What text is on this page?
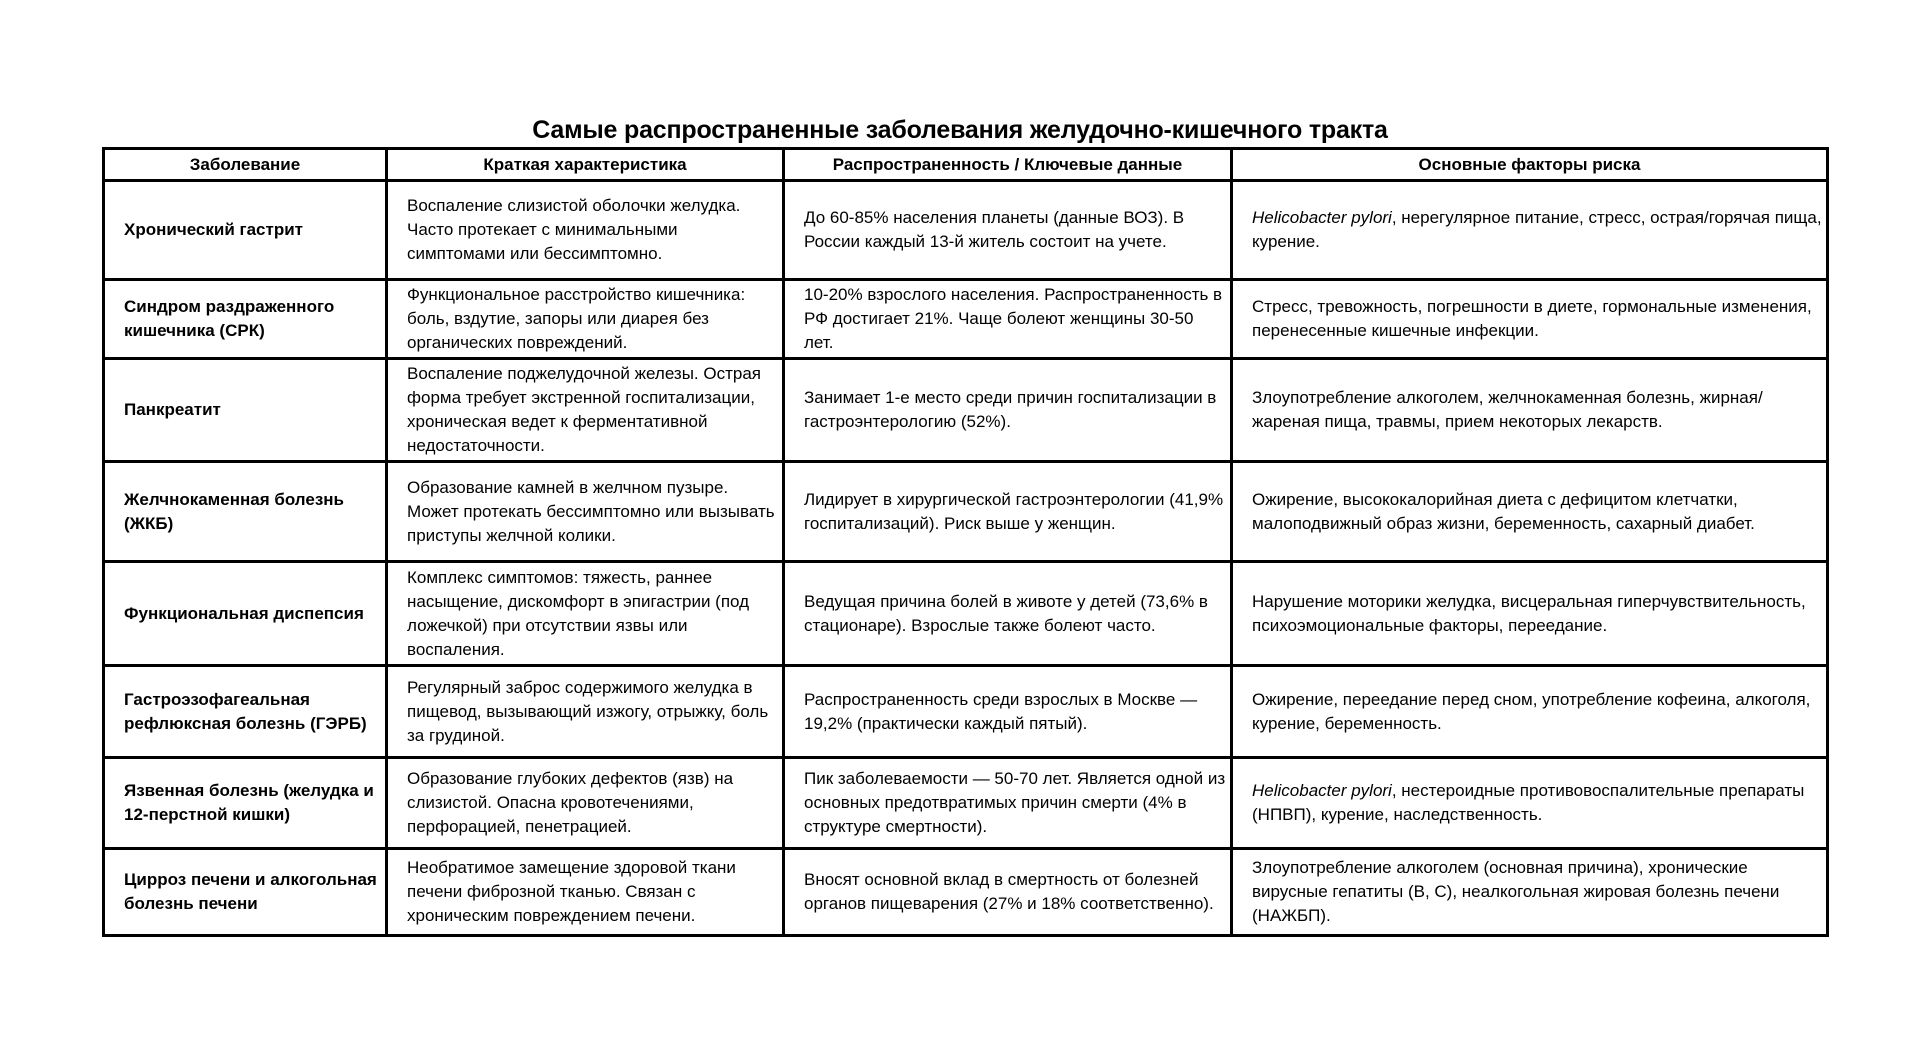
Самые распространенные заболевания желудочно-кишечного тракта
Заболевание	Краткая характеристика	Распространенность / Ключевые данные	Основные факторы риска
Хронический гастрит	Воспаление слизистой оболочки желудка. Часто протекает с минимальными симптомами или бессимптомно.	До 60-85% населения планеты (данные ВОЗ). В России каждый 13-й житель состоит на учете.	Helicobacter pylori, нерегулярное питание, стресс, острая/горячая пища, курение.

Синдром раздраженного кишечника (СРК)	Функциональное расстройство кишечника: боль, вздутие, запоры или диарея без органических повреждений.	10-20% взрослого населения. Распространенность в РФ достигает 21%. Чаще болеют женщины 30-50 лет.	Стресс, тревожность, погрешности в диете, гормональные изменения, перенесенные кишечные инфекции.

Панкреатит	Воспаление поджелудочной железы. Острая форма требует экстренной госпитализации, хроническая ведет к ферментативной недостаточности.	Занимает 1-е место среди причин госпитализации в гастроэнтерологию (52%).	Злоупотребление алкоголем, желчнокаменная болезнь, жирная/жареная пища, травмы, прием некоторых лекарств.

Желчнокаменная болезнь (ЖКБ)	Образование камней в желчном пузыре. Может протекать бессимптомно или вызывать приступы желчной колики.	Лидирует в хирургической гастроэнтерологии (41,9% госпитализаций). Риск выше у женщин.	Ожирение, высококалорийная диета с дефицитом клетчатки, малоподвижный образ жизни, беременность, сахарный диабет.

Функциональная диспепсия	Комплекс симптомов: тяжесть, раннее насыщение, дискомфорт в эпигастрии (под ложечкой) при отсутствии язвы или воспаления.	Ведущая причина болей в животе у детей (73,6% в стационаре). Взрослые также болеют часто.	Нарушение моторики желудка, висцеральная гиперчувствительность, психоэмоциональные факторы, переедание.

Гастроэзофагеальная рефлюксная болезнь (ГЭРБ)	Регулярный заброс содержимого желудка в пищевод, вызывающий изжогу, отрыжку, боль за грудиной.	Распространенность среди взрослых в Москве — 19,2% (практически каждый пятый).	Ожирение, переедание перед сном, употребление кофеина, алкоголя, курение, беременность.

Язвенная болезнь (желудка и 12-перстной кишки)	Образование глубоких дефектов (язв) на слизистой. Опасна кровотечениями, перфорацией, пенетрацией.	Пик заболеваемости — 50-70 лет. Является одной из основных предотвратимых причин смерти (4% в структуре смертности).	Helicobacter pylori, нестероидные противовоспалительные препараты (НПВП), курение, наследственность.

Цирроз печени и алкогольная болезнь печени	Необратимое замещение здоровой ткани печени фиброзной тканью. Связан с хроническим повреждением печени.	Вносят основной вклад в смертность от болезней органов пищеварения (27% и 18% соответственно).	Злоупотребление алкоголем (основная причина), хронические вирусные гепатиты (B, C), неалкогольная жировая болезнь печени (НАЖБП).
